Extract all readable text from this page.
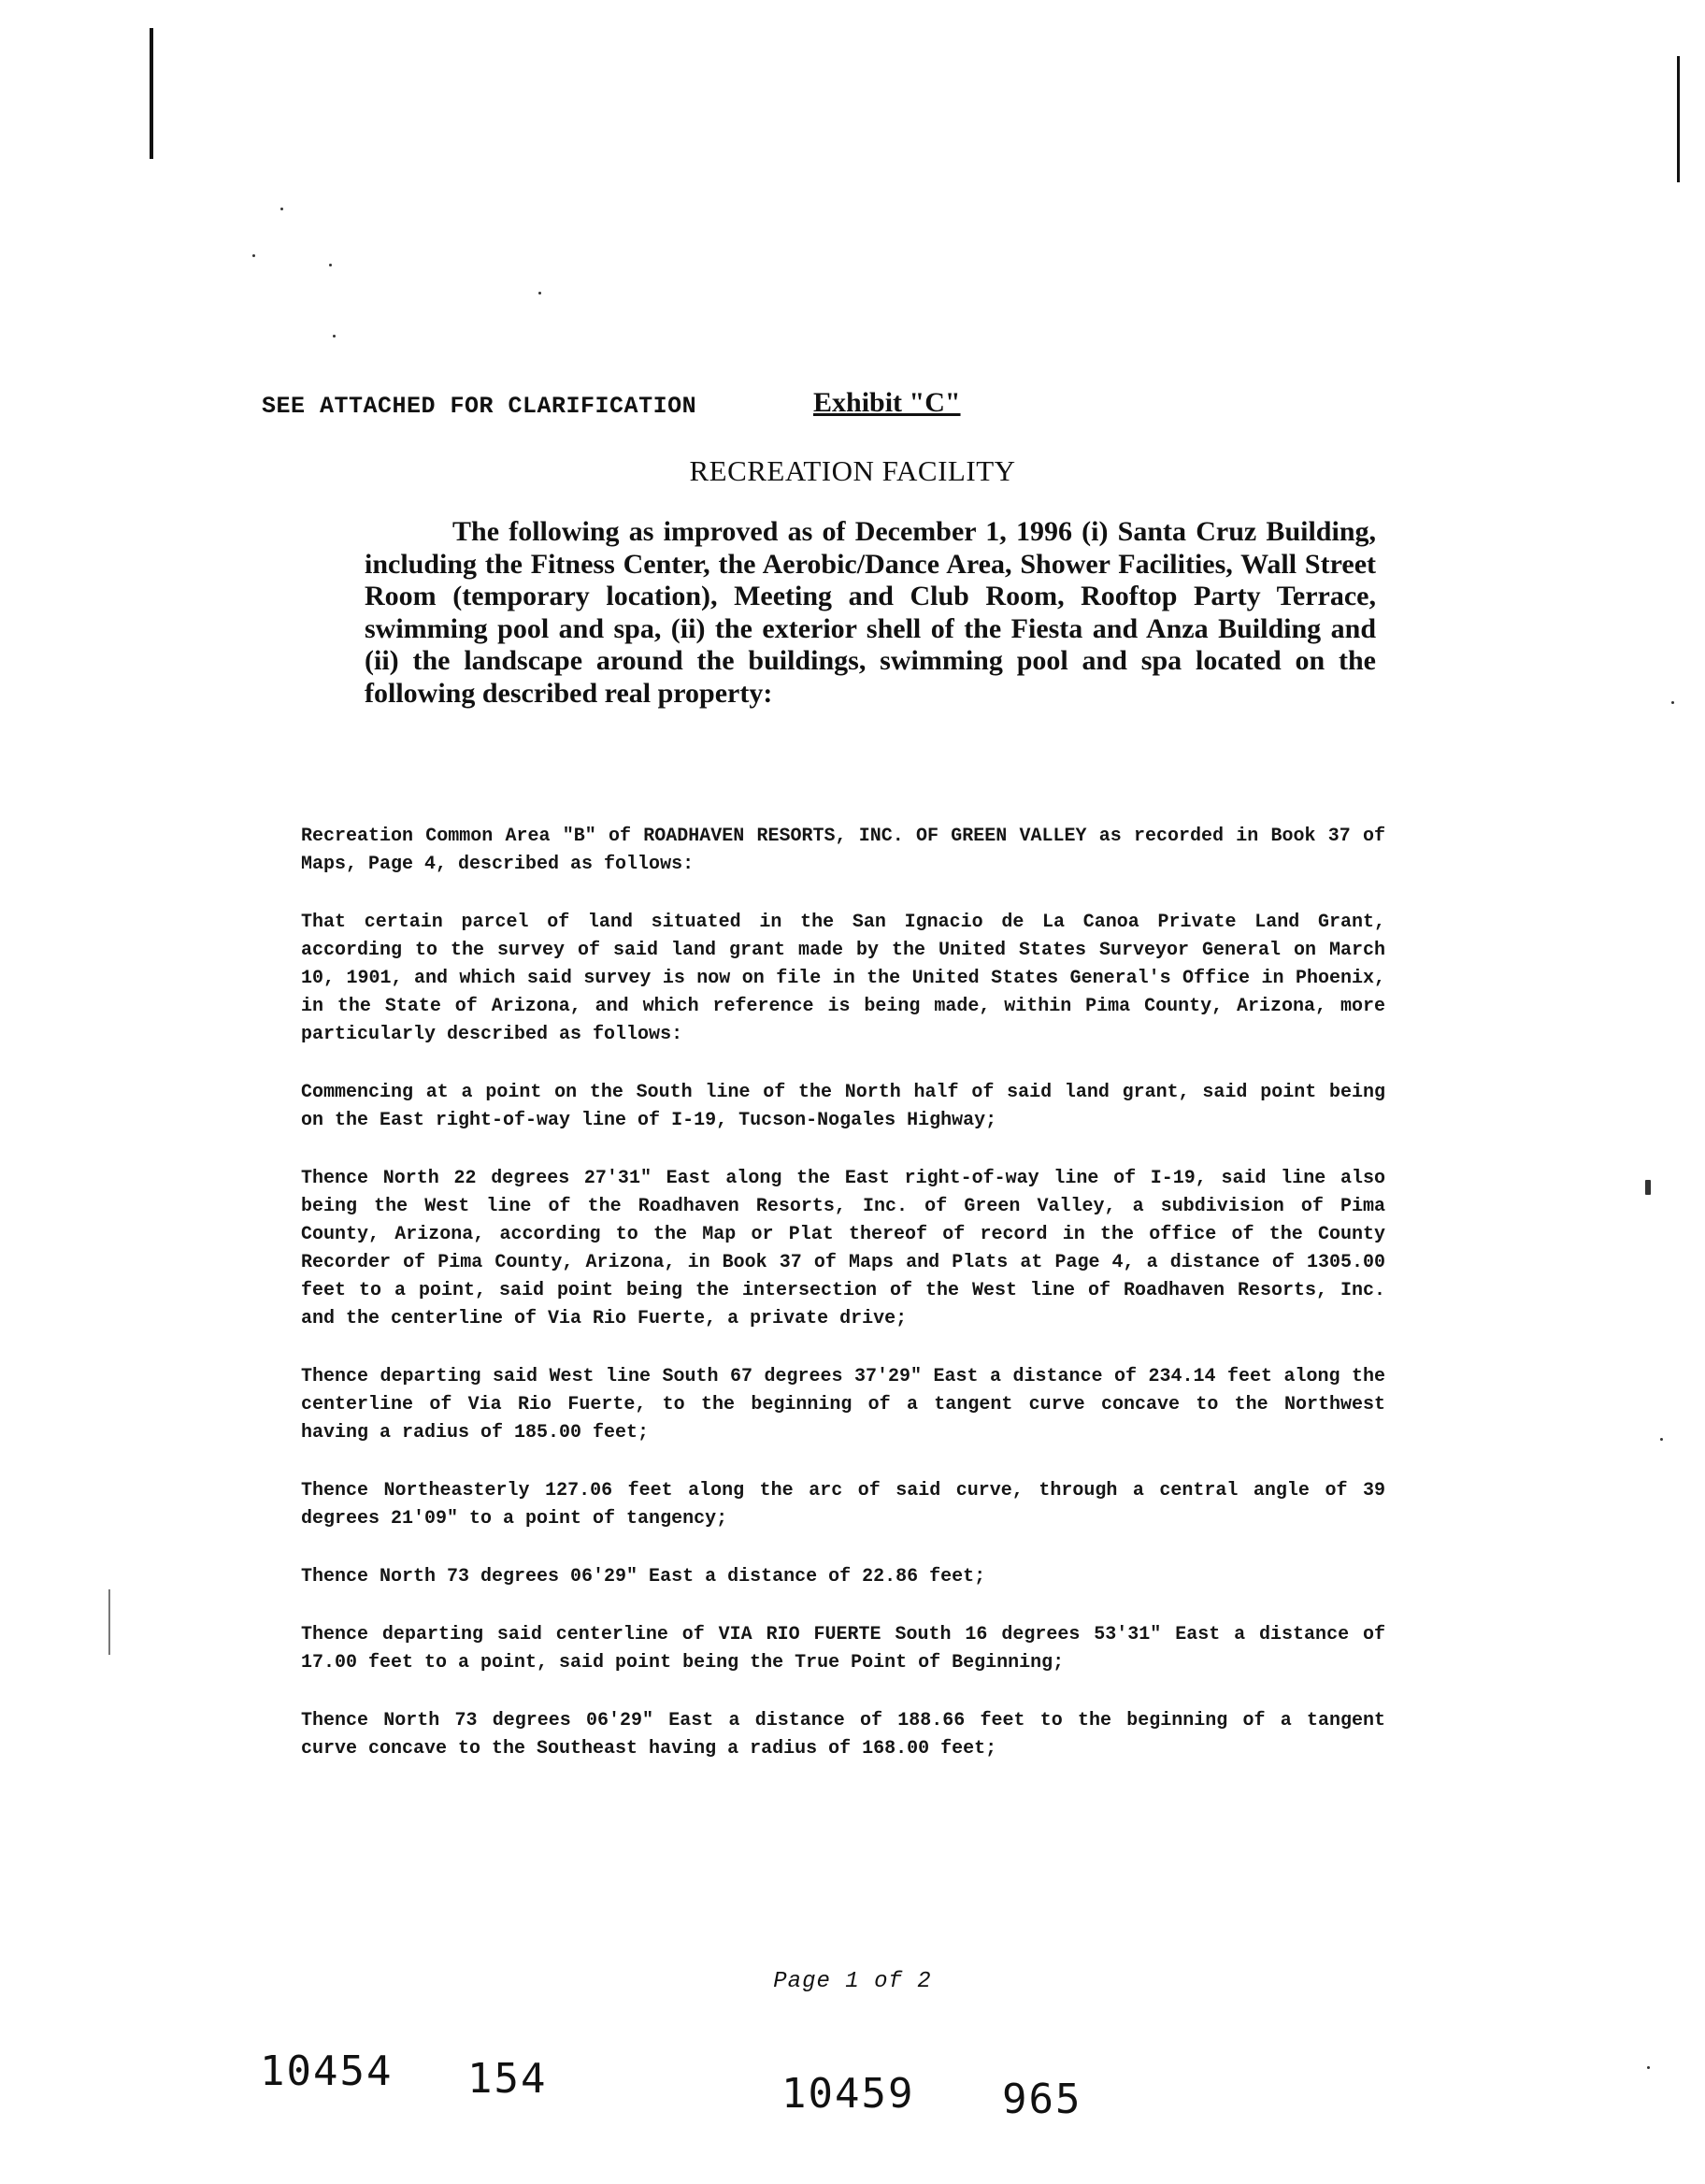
SEE ATTACHED FOR CLARIFICATION	Exhibit "C"
RECREATION FACILITY

The following as improved as of December 1, 1996 (i) Santa Cruz Building, including the Fitness Center, the Aerobic/Dance Area, Shower Facilities, Wall Street Room (temporary location), Meeting and Club Room, Rooftop Party Terrace, swimming pool and spa, (ii) the exterior shell of the Fiesta and Anza Building and (ii) the landscape around the buildings, swimming pool and spa located on the following described real property:

Recreation Common Area "B" of ROADHAVEN RESORTS, INC. OF GREEN VALLEY as recorded in Book 37 of Maps, Page 4, described as follows:

That certain parcel of land situated in the San Ignacio de La Canoa Private Land Grant, according to the survey of said land grant made by the United States Surveyor General on March 10, 1901, and which said survey is now on file in the United States General's Office in Phoenix, in the State of Arizona, and which reference is being made, within Pima County, Arizona, more particularly described as follows:

Commencing at a point on the South line of the North half of said land grant, said point being on the East right-of-way line of I-19, Tucson-Nogales Highway;

Thence North 22 degrees 27'31" East along the East right-of-way line of I-19, said line also being the West line of the Roadhaven Resorts, Inc. of Green Valley, a subdivision of Pima County, Arizona, according to the Map or Plat thereof of record in the office of the County Recorder of Pima County, Arizona, in Book 37 of Maps and Plats at Page 4, a distance of 1305.00 feet to a point, said point being the intersection of the West line of Roadhaven Resorts, Inc. and the centerline of Via Rio Fuerte, a private drive;

Thence departing said West line South 67 degrees 37'29" East a distance of 234.14 feet along the centerline of Via Rio Fuerte, to the beginning of a tangent curve concave to the Northwest having a radius of 185.00 feet;

Thence Northeasterly 127.06 feet along the arc of said curve, through a central angle of 39 degrees 21'09" to a point of tangency;

Thence North 73 degrees 06'29" East a distance of 22.86 feet;

Thence departing said centerline of VIA RIO FUERTE South 16 degrees 53'31" East a distance of 17.00 feet to a point, said point being the True Point of Beginning;

Thence North 73 degrees 06'29" East a distance of 188.66 feet to the beginning of a tangent curve concave to the Southeast having a radius of 168.00 feet;

Page 1 of 2
10454 154	10459 965
